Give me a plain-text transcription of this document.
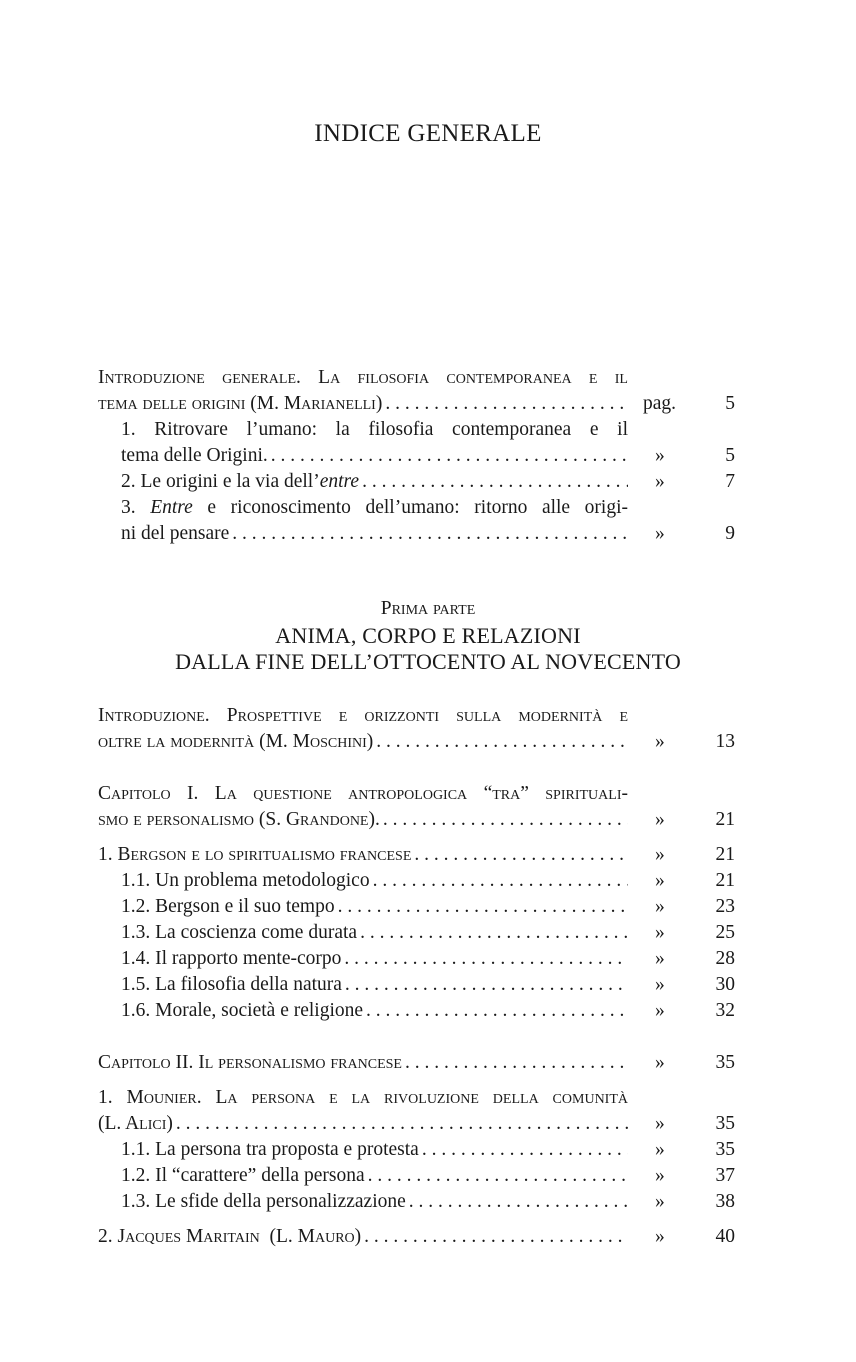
INDICE GENERALE
Introduzione generale. La filosofia contemporanea e il
tema delle origini (M. Marianelli) . . .	pag.	5
1. Ritrovare l’umano: la filosofia contemporanea e il
tema delle Origini. . . .	»	5
2. Le origini e la via dell’entre . . .	»	7
3. Entre e riconoscimento dell’umano: ritorno alle origi-
ni del pensare . . .	»	9
Introduzione. Prospettive e orizzonti sulla modernità e
oltre la modernità (M. Moschini) . . .	»	13
Capitolo I. La questione antropologica “tra” spirituali-
smo e personalismo (S. Grandone). . . .	»	21
1. Bergson e lo spiritualismo francese . . .	»	21
1.1. Un problema metodologico . . .	»	21
1.2. Bergson e il suo tempo . . .	»	23
1.3. La coscienza come durata . . .	»	25
1.4. Il rapporto mente-corpo . . .	»	28
1.5. La filosofia della natura . . .	»	30
1.6. Morale, società e religione . . .	»	32
Capitolo II. Il personalismo francese . . .	»	35
1. Mounier. La persona e la rivoluzione della comunità
(L. Alici) . . .	»	35
1.1. La persona tra proposta e protesta . . .	»	35
1.2. Il “carattere” della persona . . .	»	37
1.3. Le sfide della personalizzazione . . .	»	38
2. Jacques Maritain  (L. Mauro) . . .	»	40
Prima parte
ANIMA, CORPO E RELAZIONI
DALLA FINE DELL’OTTOCENTO AL NOVECENTO
